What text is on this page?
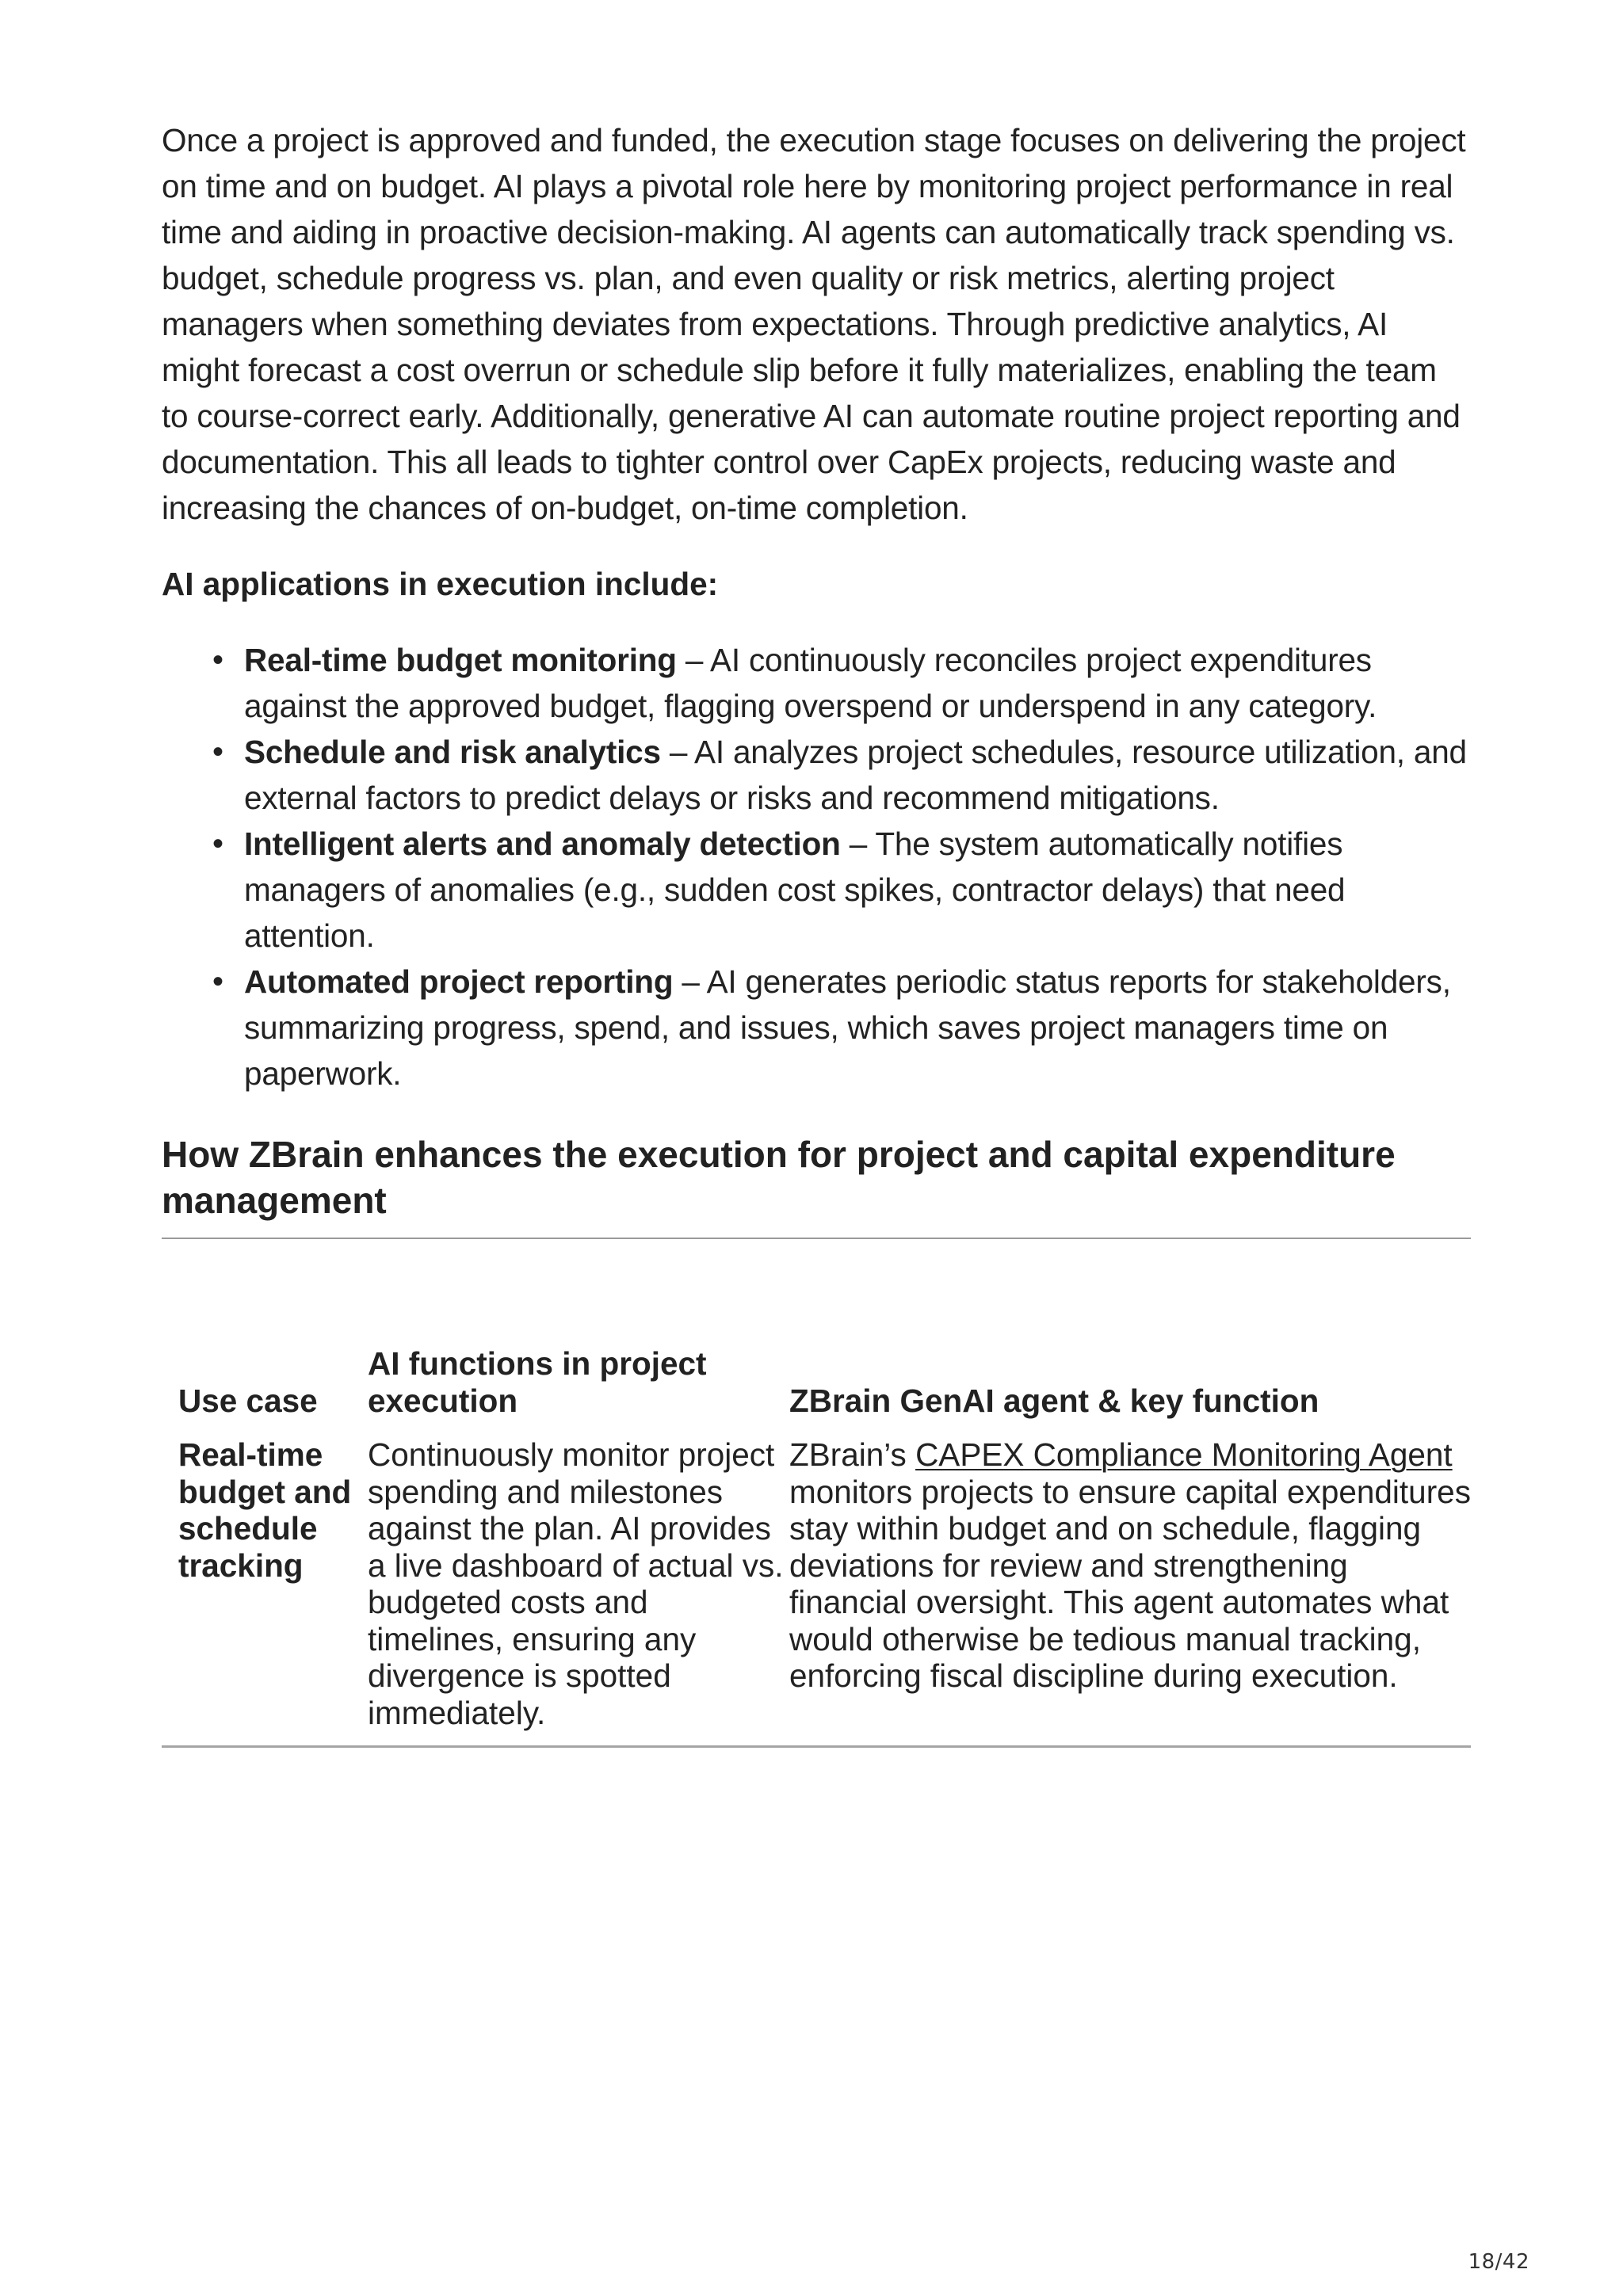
Once a project is approved and funded, the execution stage focuses on delivering the project on time and on budget. AI plays a pivotal role here by monitoring project performance in real time and aiding in proactive decision-making. AI agents can automatically track spending vs. budget, schedule progress vs. plan, and even quality or risk metrics, alerting project managers when something deviates from expectations. Through predictive analytics, AI might forecast a cost overrun or schedule slip before it fully materializes, enabling the team to course-correct early. Additionally, generative AI can automate routine project reporting and documentation. This all leads to tighter control over CapEx projects, reducing waste and increasing the chances of on-budget, on-time completion.

AI applications in execution include:

• Real-time budget monitoring – AI continuously reconciles project expenditures against the approved budget, flagging overspend or underspend in any category.
• Schedule and risk analytics – AI analyzes project schedules, resource utilization, and external factors to predict delays or risks and recommend mitigations.
• Intelligent alerts and anomaly detection – The system automatically notifies managers of anomalies (e.g., sudden cost spikes, contractor delays) that need attention.
• Automated project reporting – AI generates periodic status reports for stakeholders, summarizing progress, spend, and issues, which saves project managers time on paperwork.
How ZBrain enhances the execution for project and capital expenditure management
Use case
AI functions in project execution	ZBrain GenAI agent & key function
Real-time budget and schedule tracking
Continuously monitor project spending and milestones against the plan. AI provides a live dashboard of actual vs. budgeted costs and timelines, ensuring any divergence is spotted immediately.
ZBrain’s CAPEX Compliance Monitoring Agent monitors projects to ensure capital expenditures stay within budget and on schedule, flagging deviations for review and strengthening financial oversight. This agent automates what would otherwise be tedious manual tracking, enforcing fiscal discipline during execution.
18/42
